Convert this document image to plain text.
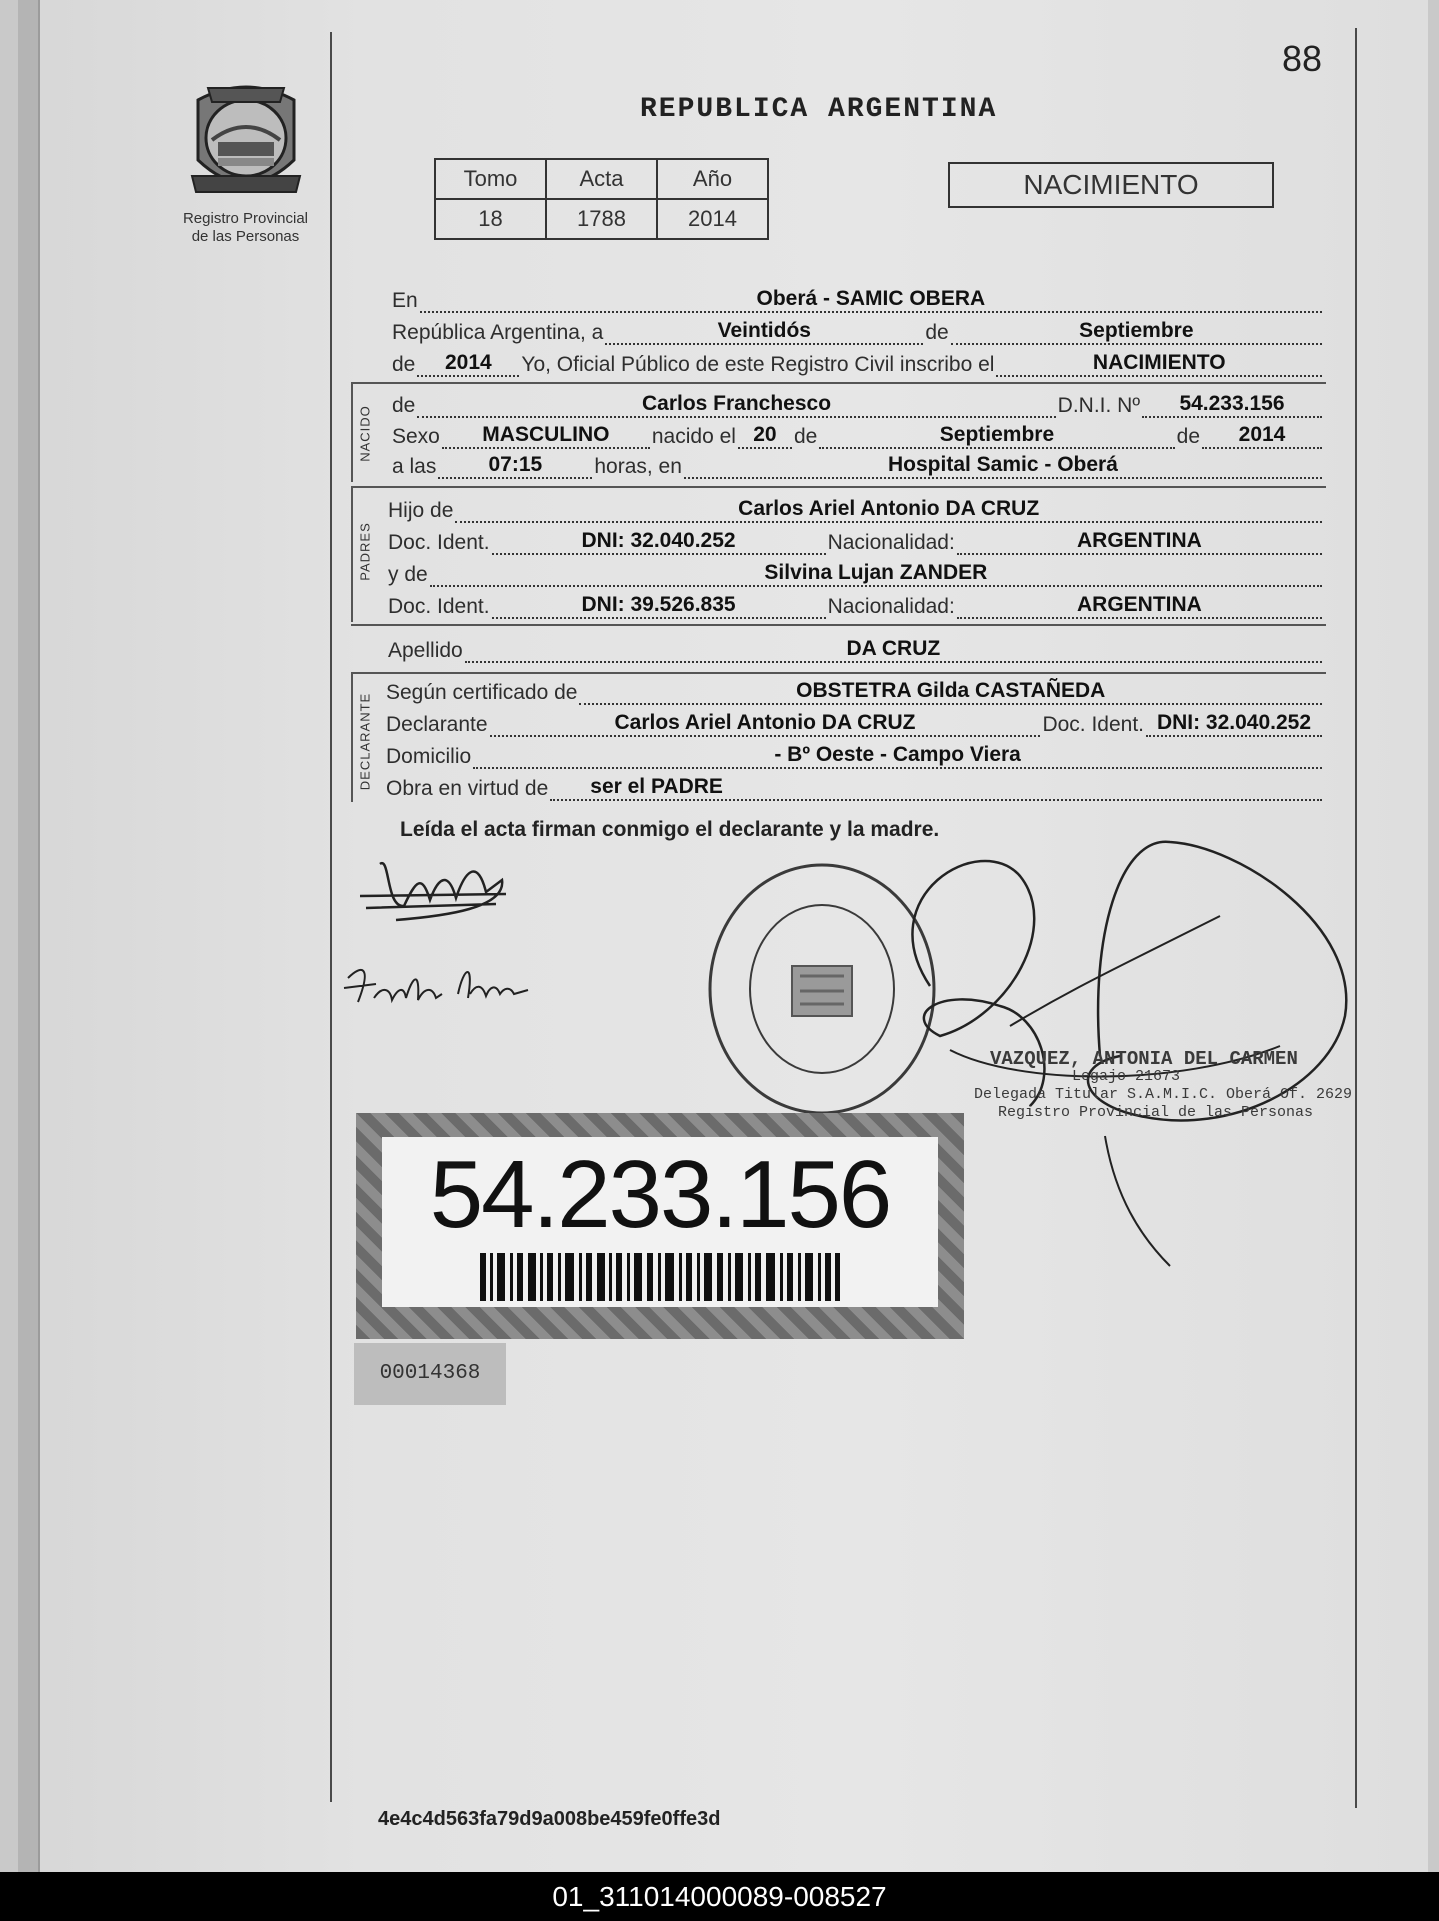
88
Registro Provincial
de las Personas
REPUBLICA ARGENTINA
Tomo	Acta	Año
18	1788	2014
NACIMIENTO
En	Oberá - SAMIC OBERA
República Argentina, a	Veintidós	de	Septiembre
de	2014	Yo, Oficial Público de este Registro Civil inscribo el	NACIMIENTO
NACIDO de	Carlos Franchesco	D.N.I. Nº	54.233.156
Sexo	MASCULINO	nacido el 20 de	Septiembre	de	2014
a las	07:15	horas, en	Hospital Samic - Oberá
PADRES
Hijo de	Carlos Ariel Antonio DA CRUZ
Doc. Ident.	DNI: 32.040.252	Nacionalidad:	ARGENTINA
y de	Silvina Lujan ZANDER
Doc. Ident.	DNI: 39.526.835	Nacionalidad:	ARGENTINA
Apellido	DA CRUZ
DECLARANTE
Según certificado de	OBSTETRA Gilda CASTAÑEDA
Declarante	Carlos Ariel Antonio DA CRUZ	Doc. Ident. DNI: 32.040.252
Domicilio	- Bº Oeste - Campo Viera
Obra en virtud de	ser el PADRE
Leída el acta firman conmigo el declarante y la madre.
VAZQUEZ, ANTONIA DEL CARMEN
Legajo 21673
Delegada Titular S.A.M.I.C. Oberá Of. 2629
Registro Provincial de las Personas
54.233.156
00014368
4e4c4d563fa79d9a008be459fe0ffe3d
01_311014000089-008527
